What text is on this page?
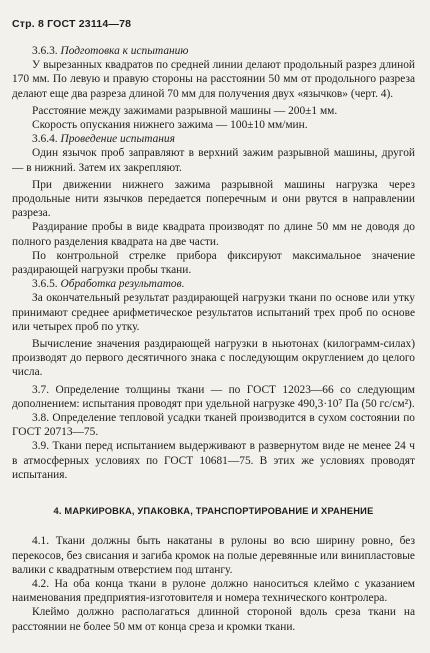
Стр. 8 ГОСТ 23114—78

3.6.3. Подготовка к испытанию

У вырезанных квадратов по средней линии делают продольный разрез длиной 170 мм. По левую и правую стороны на расстоянии 50 мм от продольного разреза делают еще два разреза длиной 70 мм для получения двух «язычков» (черт. 4).

Расстояние между зажимами разрывной машины — 200±1 мм.

Скорость опускания нижнего зажима — 100±10 мм/мин.

3.6.4. Проведение испытания

Один язычок проб заправляют в верхний зажим разрывной машины, другой — в нижний. Затем их закрепляют.

При движении нижнего зажима разрывной машины нагрузка через продольные нити язычков передается поперечным и они рвутся в направлении разреза.

Раздирание пробы в виде квадрата производят по длине 50 мм не доводя до полного разделения квадрата на две части.

По контрольной стрелке прибора фиксируют максимальное значение раздирающей нагрузки пробы ткани.

3.6.5. Обработка результатов.

За окончательный результат раздирающей нагрузки ткани по основе или утку принимают среднее арифметическое результатов испытаний трех проб по основе или четырех проб по утку.

Вычисление значения раздирающей нагрузки в ньютонах (килограмм-силах) производят до первого десятичного знака с последующим округлением до целого числа.

3.7. Определение толщины ткани — по ГОСТ 12023—66 со следующим дополнением: испытания проводят при удельной нагрузке 490,3·10⁷ Па (50 гс/см²).

3.8. Определение тепловой усадки тканей производится в сухом состоянии по ГОСТ 20713—75.

3.9. Ткани перед испытанием выдерживают в развернутом виде не менее 24 ч в атмосферных условиях по ГОСТ 10681—75. В этих же условиях проводят испытания.

4. МАРКИРОВКА, УПАКОВКА, ТРАНСПОРТИРОВАНИЕ И ХРАНЕНИЕ

4.1. Ткани должны быть накатаны в рулоны во всю ширину ровно, без перекосов, без свисания и загиба кромок на полые деревянные или винипластовые валики с квадратным отверстием под штангу.

4.2. На оба конца ткани в рулоне должно наноситься клеймо с указанием наименования предприятия-изготовителя и номера технического контролера.

Клеймо должно располагаться длинной стороной вдоль среза ткани на расстоянии не более 50 мм от конца среза и кромки ткани.
